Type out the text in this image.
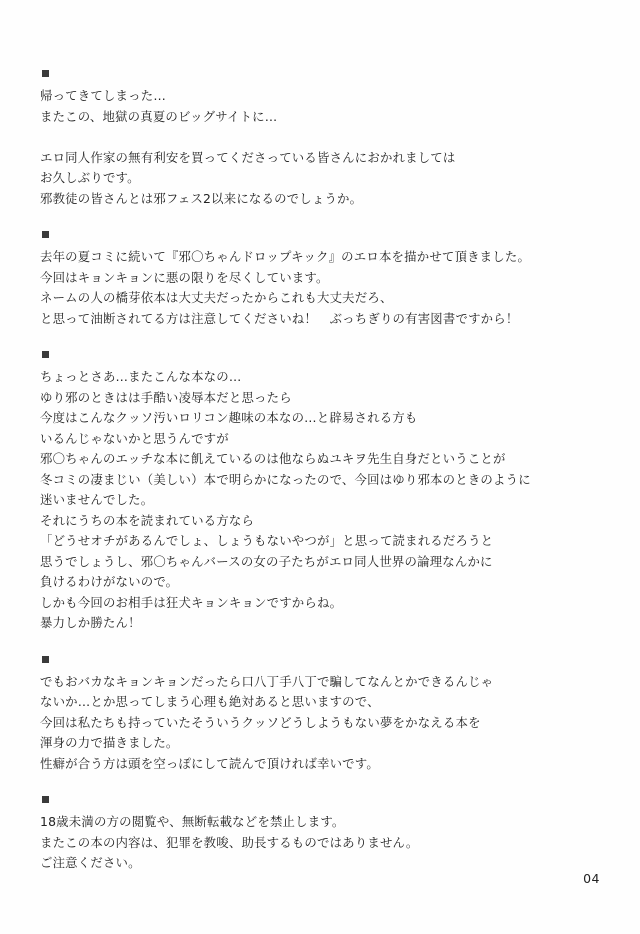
帰ってきてしまった…
またこの、地獄の真夏のビッグサイトに…

エロ同人作家の無有利安を買ってくださっている皆さんにおかれましては
お久しぶりです。
邪教徒の皆さんとは邪フェス2以来になるのでしょうか。
去年の夏コミに続いて『邪〇ちゃんドロップキック』のエロ本を描かせて頂きました。
今回はキョンキョンに悪の限りを尽くしています。
ネームの人の橋芽依本は大丈夫だったからこれも大丈夫だろ、
と思って油断されてる方は注意してくださいね！　ぶっちぎりの有害図書ですから！
ちょっとさあ…またこんな本なの…
ゆり邪のときはは手酷い凌辱本だと思ったら
今度はこんなクッソ汚いロリコン趣味の本なの…と辟易される方も
いるんじゃないかと思うんですが
邪〇ちゃんのエッチな本に飢えているのは他ならぬユキヲ先生自身だということが
冬コミの凄まじい（美しい）本で明らかになったので、今回はゆり邪本のときのように
迷いませんでした。
それにうちの本を読まれている方なら
「どうせオチがあるんでしょ、しょうもないやつが」と思って読まれるだろうと
思うでしょうし、邪〇ちゃんバースの女の子たちがエロ同人世界の論理なんかに
負けるわけがないので。
しかも今回のお相手は狂犬キョンキョンですからね。
暴力しか勝たん！
でもおバカなキョンキョンだったら口八丁手八丁で騙してなんとかできるんじゃ
ないか…とか思ってしまう心理も絶対あると思いますので、
今回は私たちも持っていたそういうクッソどうしようもない夢をかなえる本を
渾身の力で描きました。
性癖が合う方は頭を空っぽにして読んで頂ければ幸いです。
18歳未満の方の閲覧や、無断転載などを禁止します。
またこの本の内容は、犯罪を教唆、助長するものではありません。
ご注意ください。
04
